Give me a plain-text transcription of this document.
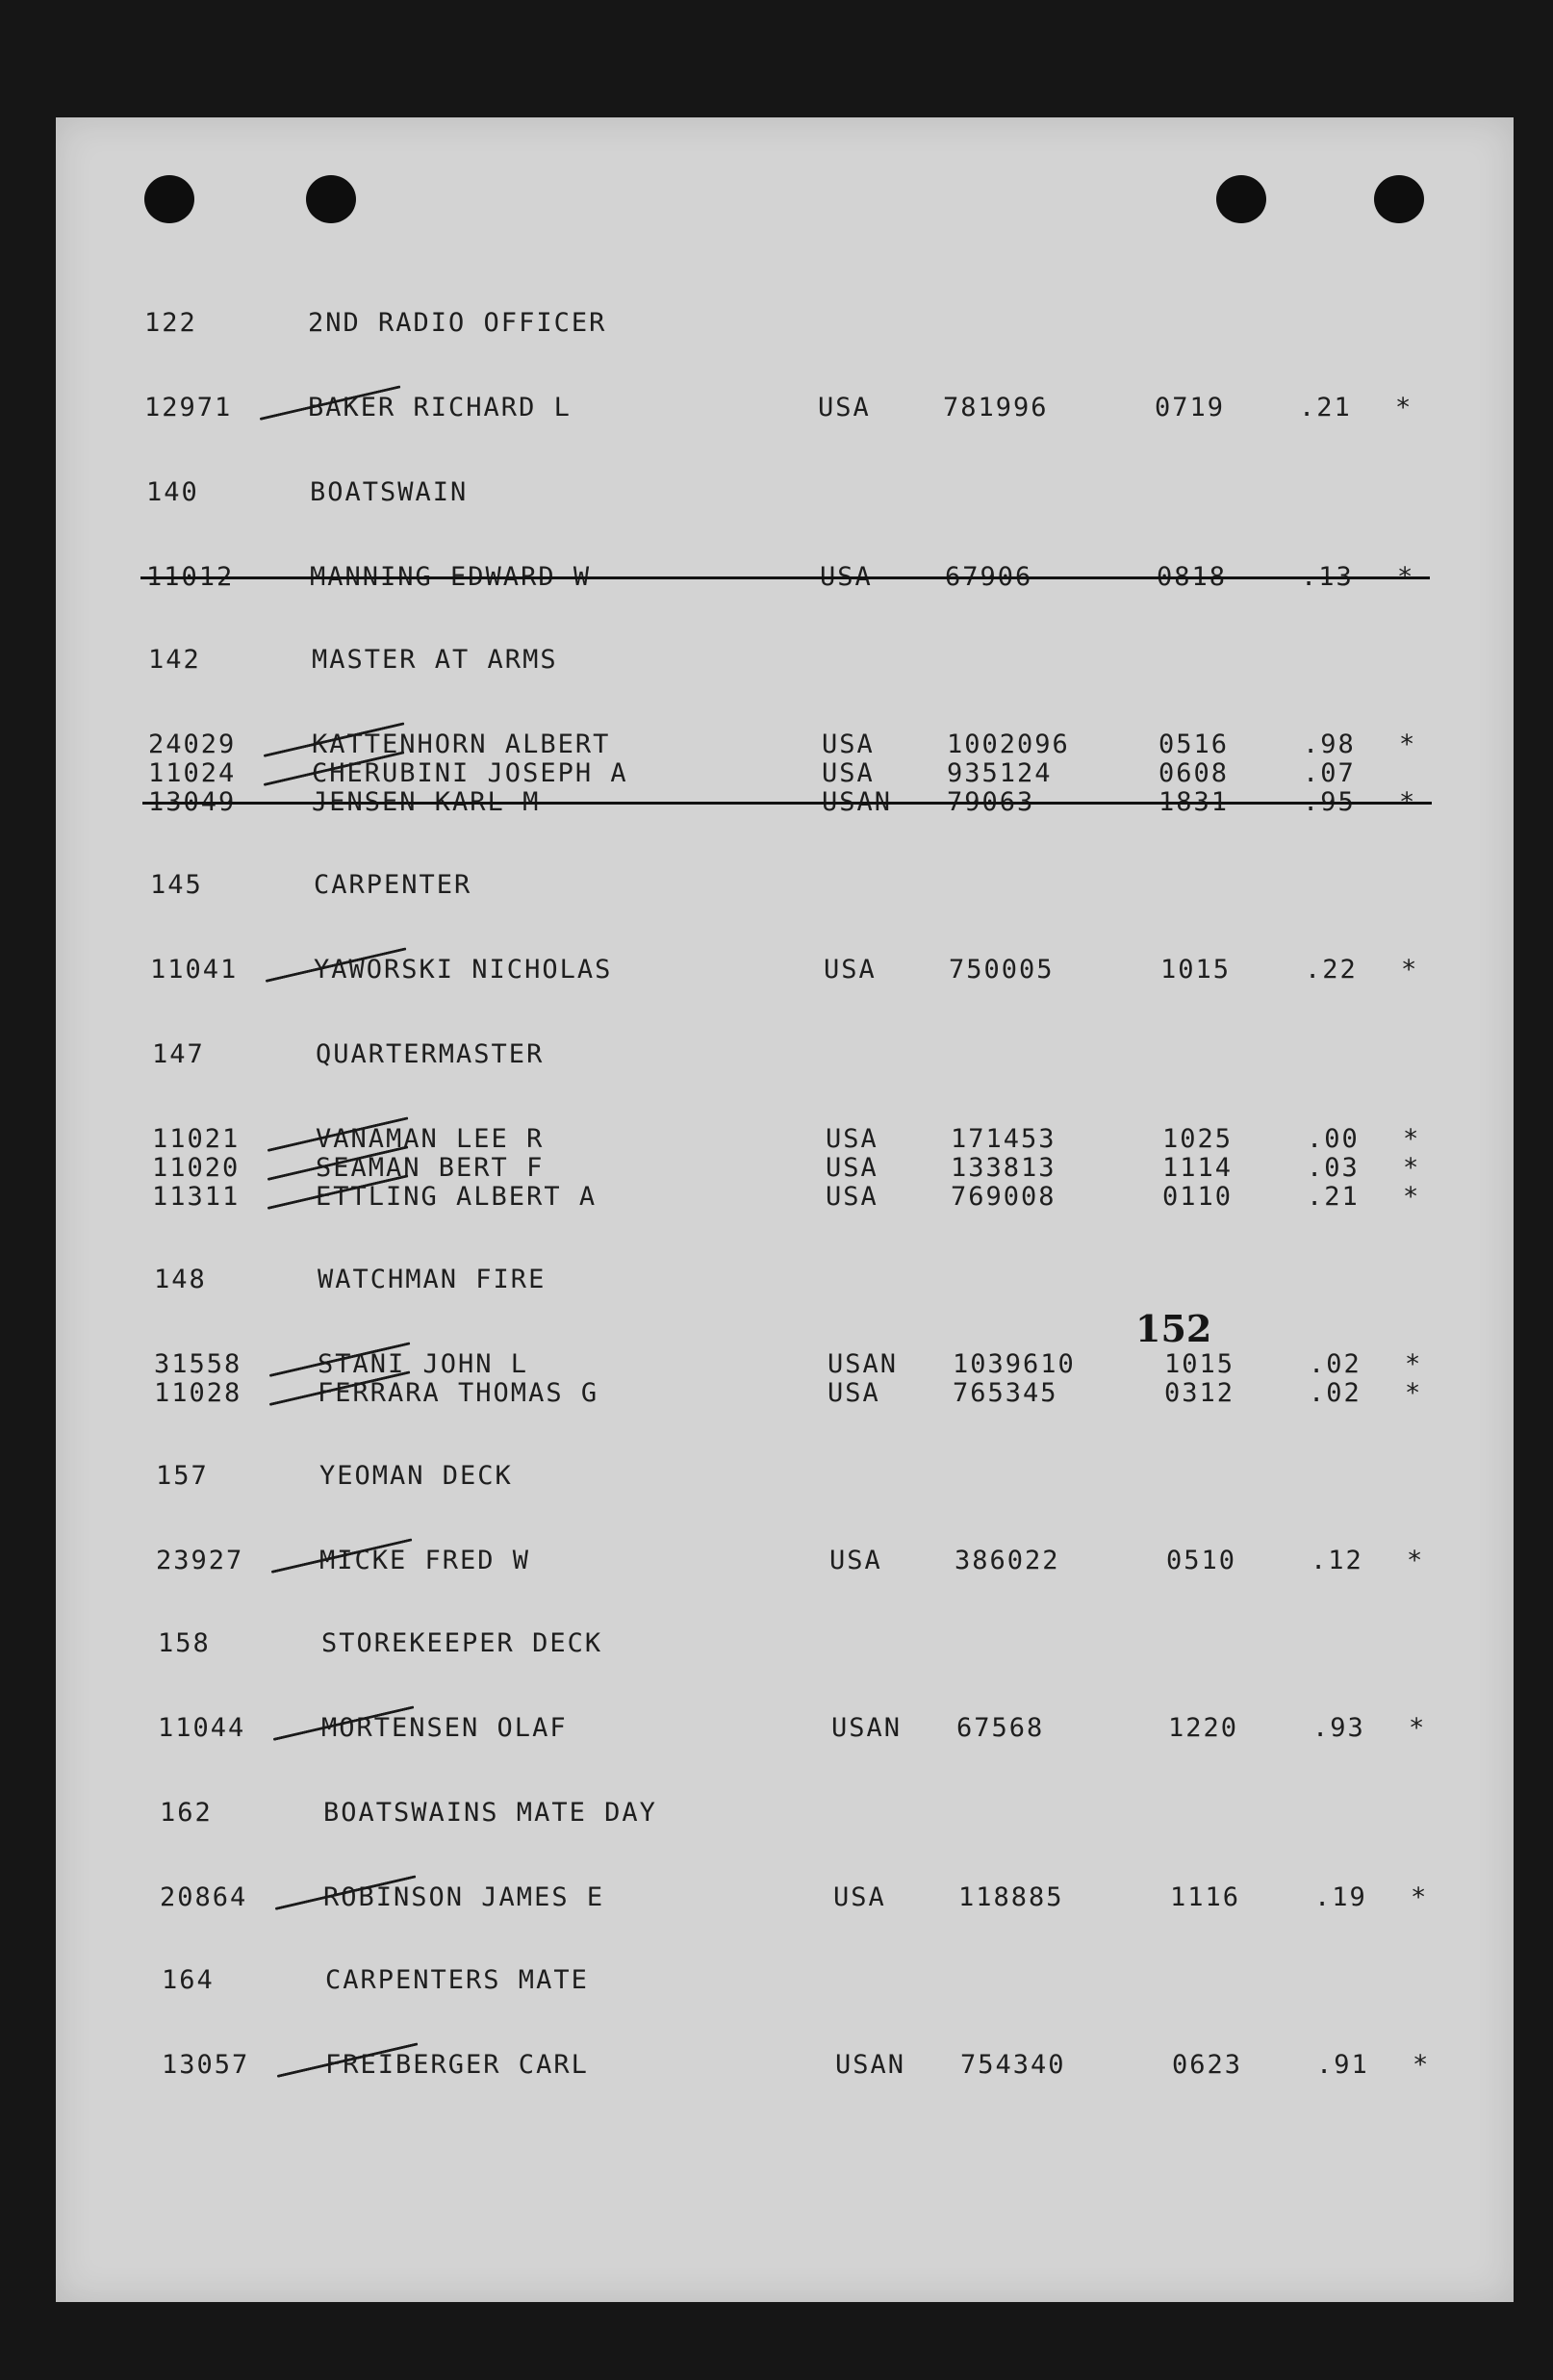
152
122	2ND RADIO OFFICER
12971	BAKER RICHARD L	USA	781996	0719	.21 *
140	BOATSWAIN
11012	MANNING EDWARD W	USA	67906	0818	.13 *
142	MASTER AT ARMS
24029	KATTENHORN ALBERT	USA	1002096	0516	.98 *
11024	CHERUBINI JOSEPH A	USA	935124	0608	.07
13049	JENSEN KARL M	USAN 79063	1831	.95 *
145	CARPENTER
11041	YAWORSKI NICHOLAS	USA	750005	1015	.22 *
147	QUARTERMASTER
11021	VANAMAN LEE R	USA	171453	1025	.00 *
11020	SEAMAN BERT F	USA	133813	1114	.03 *
11311	ETTLING ALBERT A	USA	769008	0110	.21 *
148	WATCHMAN FIRE
31558	STANI JOHN L	USAN 1039610	1015	.02 *
11028	FERRARA THOMAS G	USA	765345	0312	.02 *
157	YEOMAN DECK
23927	MICKE FRED W	USA	386022	0510	.12 *
158	STOREKEEPER DECK
11044	MORTENSEN OLAF	USAN 67568	1220	.93 *
162	BOATSWAINS MATE DAY
20864	ROBINSON JAMES E	USA	118885	1116	.19 *
164	CARPENTERS MATE
13057	FREIBERGER CARL	USAN 754340	0623	.91 *
